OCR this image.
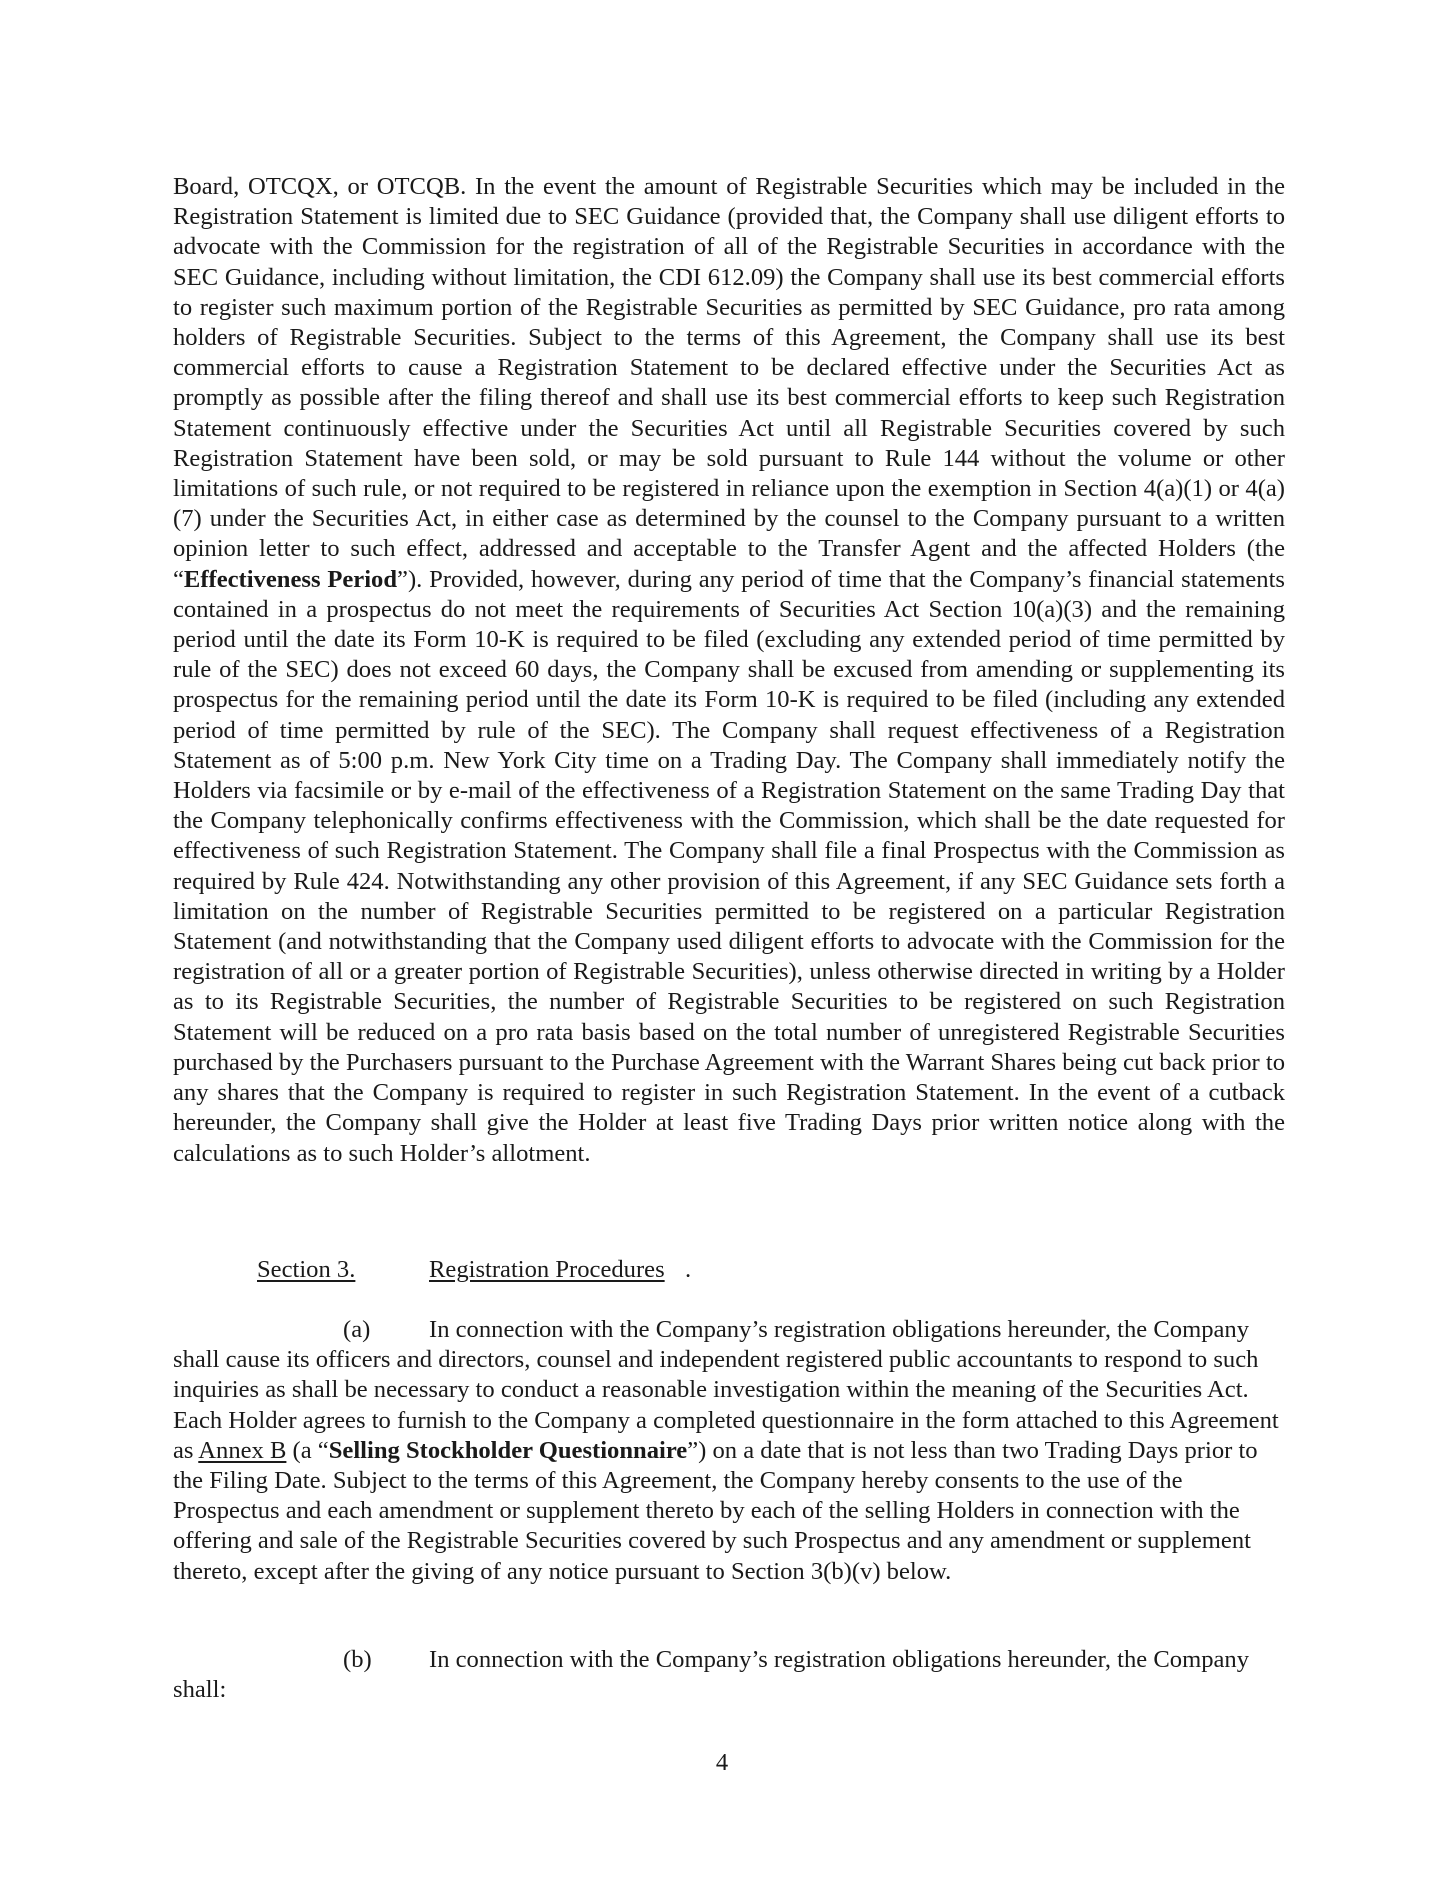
Board, OTCQX, or OTCQB. In the event the amount of Registrable Securities which may be included in the Registration Statement is limited due to SEC Guidance (provided that, the Company shall use diligent efforts to advocate with the Commission for the registration of all of the Registrable Securities in accordance with the SEC Guidance, including without limitation, the CDI 612.09) the Company shall use its best commercial efforts to register such maximum portion of the Registrable Securities as permitted by SEC Guidance, pro rata among holders of Registrable Securities. Subject to the terms of this Agreement, the Company shall use its best commercial efforts to cause a Registration Statement to be declared effective under the Securities Act as promptly as possible after the filing thereof and shall use its best commercial efforts to keep such Registration Statement continuously effective under the Securities Act until all Registrable Securities covered by such Registration Statement have been sold, or may be sold pursuant to Rule 144 without the volume or other limitations of such rule, or not required to be registered in reliance upon the exemption in Section 4(a)(1) or 4(a)(7) under the Securities Act, in either case as determined by the counsel to the Company pursuant to a written opinion letter to such effect, addressed and acceptable to the Transfer Agent and the affected Holders (the “Effectiveness Period”). Provided, however, during any period of time that the Company’s financial statements contained in a prospectus do not meet the requirements of Securities Act Section 10(a)(3) and the remaining period until the date its Form 10-K is required to be filed (excluding any extended period of time permitted by rule of the SEC) does not exceed 60 days, the Company shall be excused from amending or supplementing its prospectus for the remaining period until the date its Form 10-K is required to be filed (including any extended period of time permitted by rule of the SEC). The Company shall request effectiveness of a Registration Statement as of 5:00 p.m. New York City time on a Trading Day. The Company shall immediately notify the Holders via facsimile or by e-mail of the effectiveness of a Registration Statement on the same Trading Day that the Company telephonically confirms effectiveness with the Commission, which shall be the date requested for effectiveness of such Registration Statement. The Company shall file a final Prospectus with the Commission as required by Rule 424. Notwithstanding any other provision of this Agreement, if any SEC Guidance sets forth a limitation on the number of Registrable Securities permitted to be registered on a particular Registration Statement (and notwithstanding that the Company used diligent efforts to advocate with the Commission for the registration of all or a greater portion of Registrable Securities), unless otherwise directed in writing by a Holder as to its Registrable Securities, the number of Registrable Securities to be registered on such Registration Statement will be reduced on a pro rata basis based on the total number of unregistered Registrable Securities purchased by the Purchasers pursuant to the Purchase Agreement with the Warrant Shares being cut back prior to any shares that the Company is required to register in such Registration Statement. In the event of a cutback hereunder, the Company shall give the Holder at least five Trading Days prior written notice along with the calculations as to such Holder’s allotment.

Section 3.	Registration Procedures .

(a) In connection with the Company’s registration obligations hereunder, the Company shall cause its officers and directors, counsel and independent registered public accountants to respond to such inquiries as shall be necessary to conduct a reasonable investigation within the meaning of the Securities Act. Each Holder agrees to furnish to the Company a completed questionnaire in the form attached to this Agreement as Annex B (a “Selling Stockholder Questionnaire”) on a date that is not less than two Trading Days prior to the Filing Date. Subject to the terms of this Agreement, the Company hereby consents to the use of the Prospectus and each amendment or supplement thereto by each of the selling Holders in connection with the offering and sale of the Registrable Securities covered by such Prospectus and any amendment or supplement thereto, except after the giving of any notice pursuant to Section 3(b)(v) below.

(b) In connection with the Company’s registration obligations hereunder, the Company shall:

4
